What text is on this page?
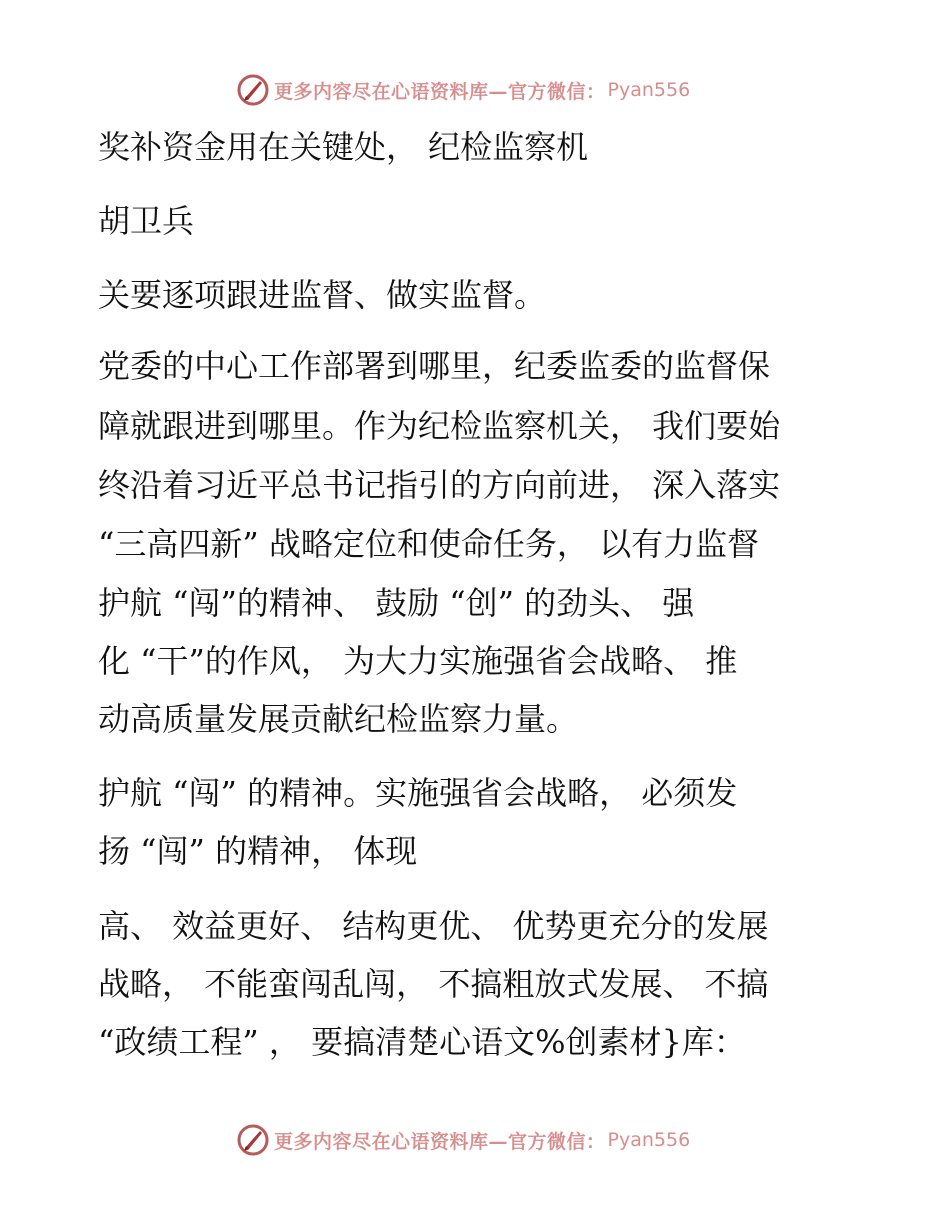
更多内容尽在心语资料库—官方微信： Pyan556
奖补资金用在关键处， 纪检监察机
胡卫兵
关要逐项跟进监督、做实监督。
党委的中心工作部署到哪里，纪委监委的监督保
障就跟进到哪里。作为纪检监察机关， 我们要始
终沿着习近平总书记指引的方向前进， 深入落实
“三高四新” 战略定位和使命任务， 以有力监督
护航 “闯”的精神、 鼓励 “创” 的劲头、 强
化 “干”的作风， 为大力实施强省会战略、 推
动高质量发展贡献纪检监察力量。
护航 “闯” 的精神。实施强省会战略， 必须发
扬 “闯” 的精神， 体现
高、 效益更好、 结构更优、 优势更充分的发展
战略， 不能蛮闯乱闯， 不搞粗放式发展、 不搞
“政绩工程” ， 要搞清楚心语文%创素材}库：
更多内容尽在心语资料库—官方微信： Pyan556
